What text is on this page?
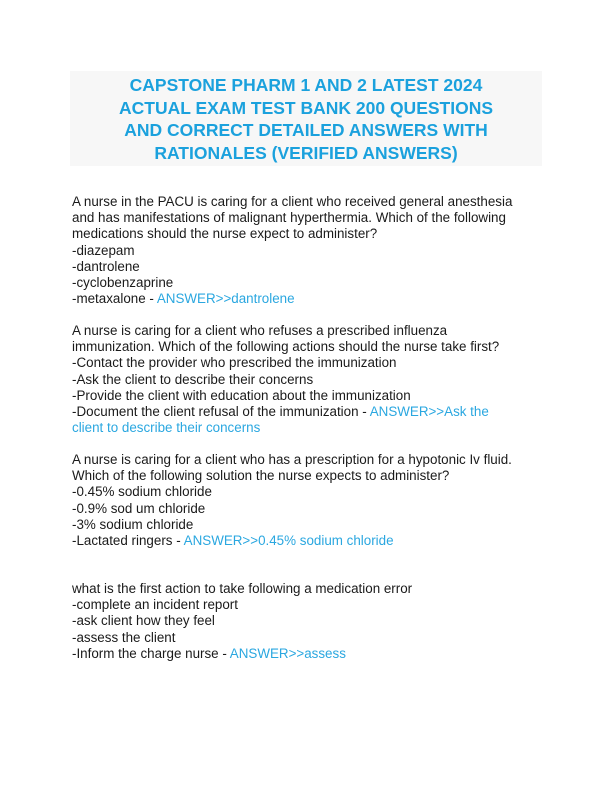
CAPSTONE PHARM 1 AND 2 LATEST 2024
ACTUAL EXAM TEST BANK 200 QUESTIONS
AND CORRECT DETAILED ANSWERS WITH
RATIONALES (VERIFIED ANSWERS)
A nurse in the PACU is caring for a client who received general anesthesia
and has manifestations of malignant hyperthermia. Which of the following
medications should the nurse expect to administer?
-diazepam
-dantrolene
-cyclobenzaprine
-metaxalone - ANSWER>>dantrolene
A nurse is caring for a client who refuses a prescribed influenza
immunization. Which of the following actions should the nurse take first?
-Contact the provider who prescribed the immunization
-Ask the client to describe their concerns
-Provide the client with education about the immunization
-Document the client refusal of the immunization - ANSWER>>Ask the
client to describe their concerns
A nurse is caring for a client who has a prescription for a hypotonic Iv fluid.
Which of the following solution the nurse expects to administer?
-0.45% sodium chloride
-0.9% sod um chloride
-3% sodium chloride
-Lactated ringers - ANSWER>>0.45% sodium chloride
what is the first action to take following a medication error
-complete an incident report
-ask client how they feel
-assess the client
-Inform the charge nurse - ANSWER>>assess
